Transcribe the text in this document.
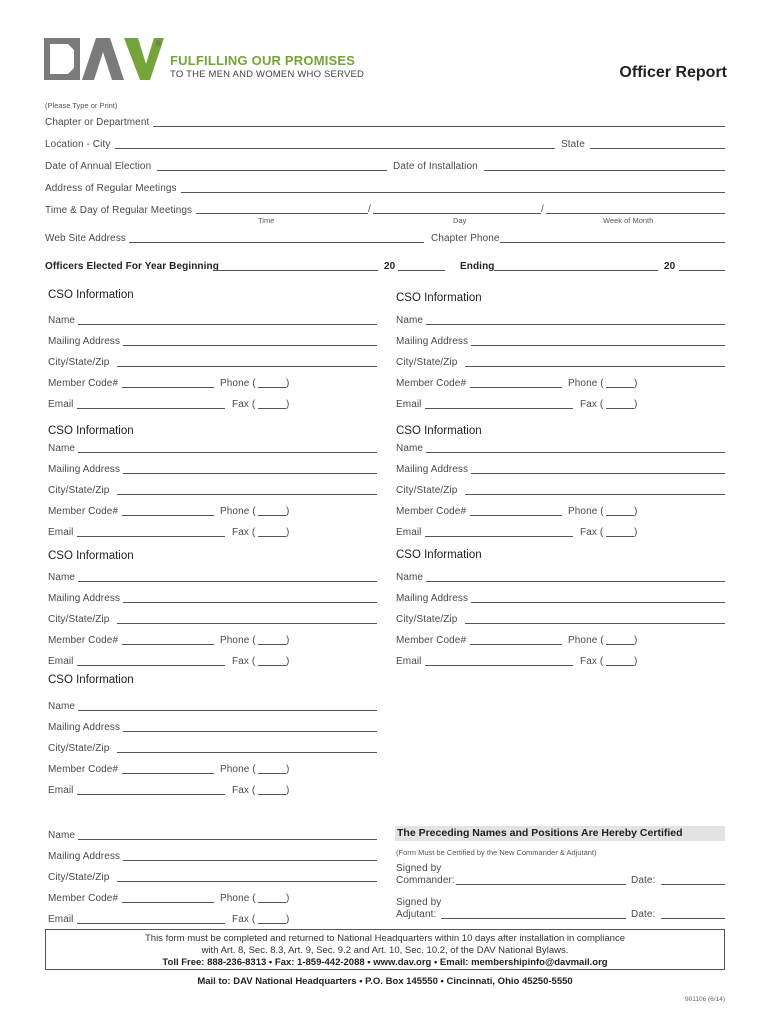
®
FULFILLING OUR PROMISES
TO THE MEN AND WOMEN WHO SERVED	Officer Report
(Please Type or Print)
Chapter or Department
Location - City	State
Date of Annual Election	Date of Installation
Address of Regular Meetings
Time & Day of Regular Meetings	/	/
Time	Day	Week of Month
Web Site Address	Chapter Phone
Officers Elected For Year Beginning	20	Ending	20
CSO Information
Name
Mailing Address
City/State/Zip
Member Code#	Phone (	)
Email	Fax (	)
CSO Information
Name
Mailing Address
City/State/Zip
Member Code#	Phone (	)
Email	Fax (	)
CSO Information
Name
Mailing Address
City/State/Zip
Member Code#	Phone (	)
Email	Fax (	)
CSO Information
Name
Mailing Address
City/State/Zip
Member Code#	Phone (	)
Email	Fax (	)
CSO Information
Name
Mailing Address
City/State/Zip
Member Code#	Phone (	)
Email	Fax (	)
CSO Information
Name
Mailing Address
City/State/Zip
Member Code#	Phone (	)
Email	Fax (	)
CSO Information
Name
Mailing Address
City/State/Zip
Member Code#	Phone (	)
Email	Fax (	)
Name
Mailing Address
City/State/Zip
Member Code#	Phone (	)
Email	Fax (	)
The Preceding Names and Positions Are Hereby Certified
(Form Must be Certified by the New Commander & Adjutant)
Signed by
Commander:	Date:
Signed by
Adjutant:	Date:
This form must be completed and returned to National Headquarters within 10 days after installation in compliance
with Art. 8, Sec. 8.3, Art. 9, Sec. 9.2 and Art. 10, Sec. 10.2, of the DAV National Bylaws.
Toll Free: 888-236-8313 • Fax: 1-859-442-2088 • www.dav.org • Email: membershipinfo@davmail.org
Mail to: DAV National Headquarters • P.O. Box 145550 • Cincinnati, Ohio 45250-5550
901106 (6/14)
